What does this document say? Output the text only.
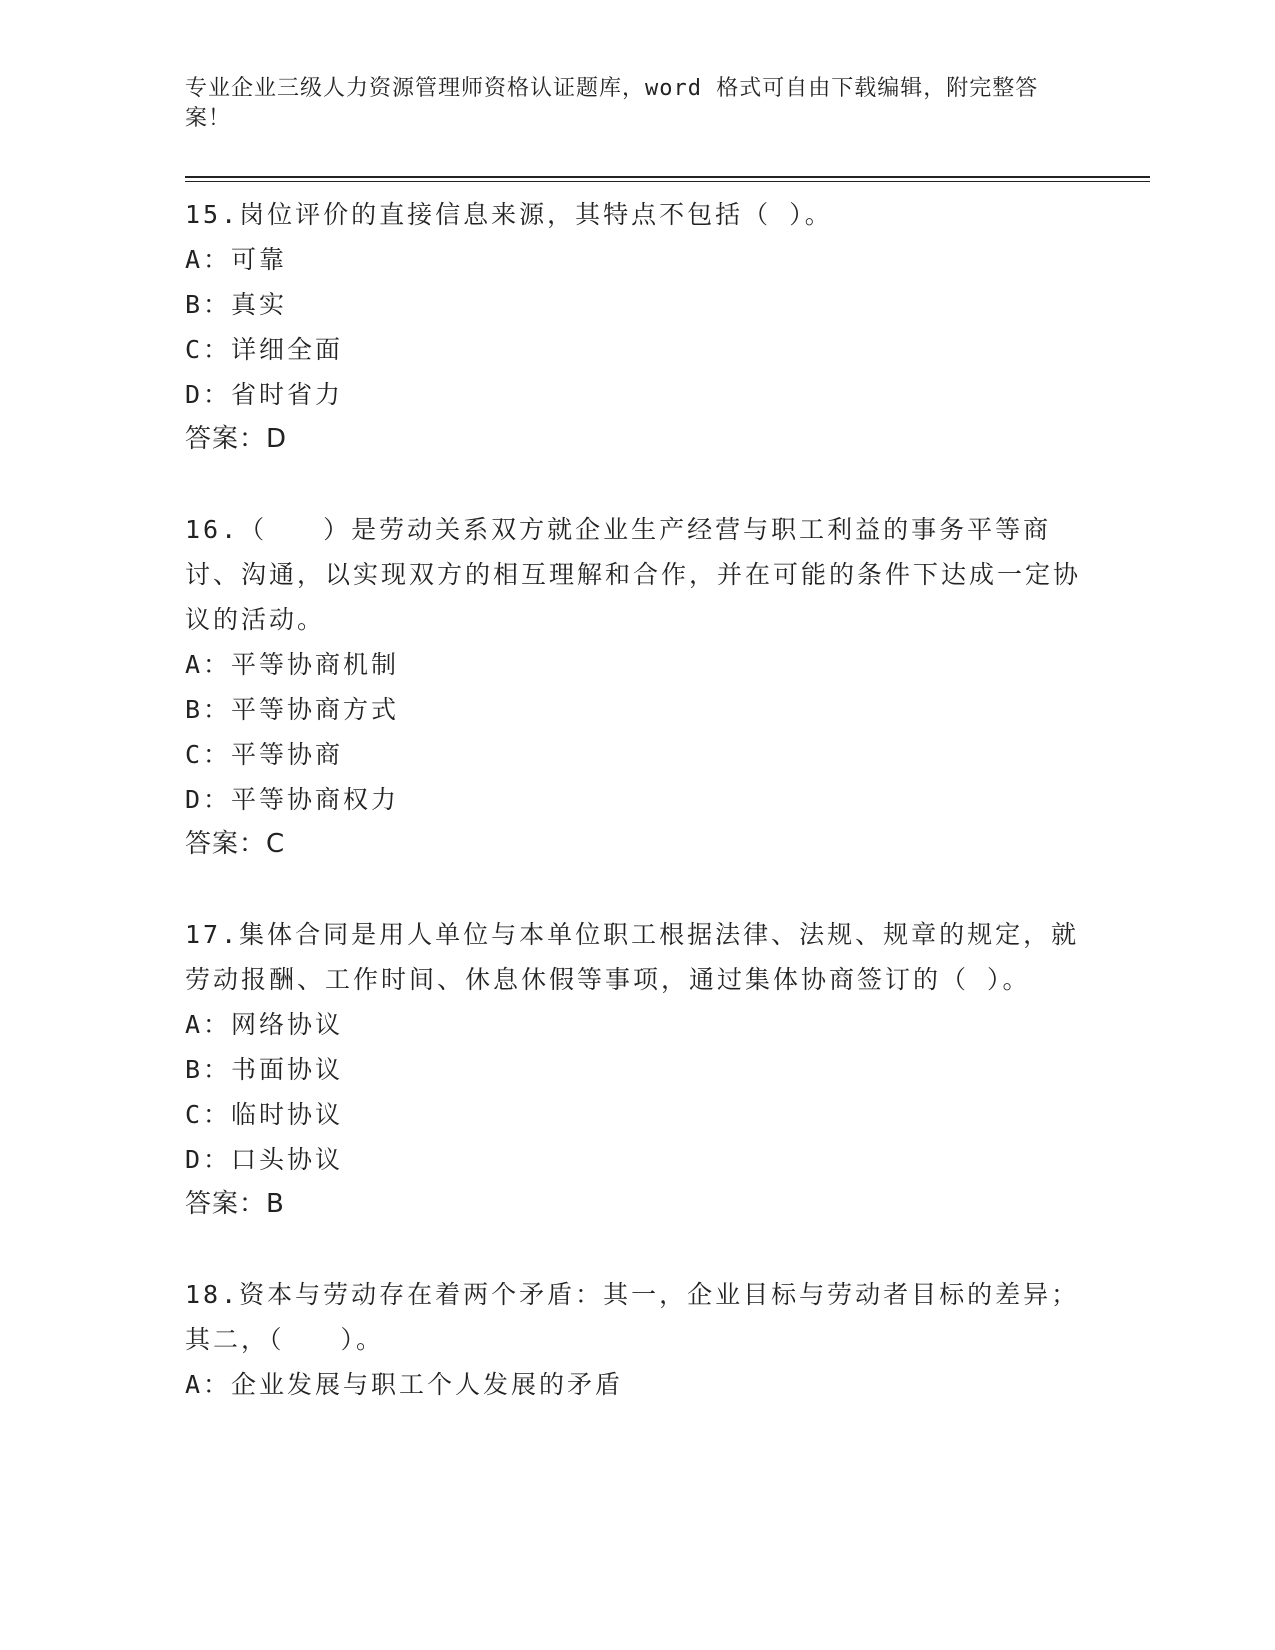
专业企业三级人力资源管理师资格认证题库，word 格式可自由下载编辑，附完整答案！

15.岗位评价的直接信息来源，其特点不包括（ ）。

A：可靠

B：真实

C：详细全面

D：省时省力

答案：D

16.（　　）是劳动关系双方就企业生产经营与职工利益的事务平等商讨、沟通，以实现双方的相互理解和合作，并在可能的条件下达成一定协议的活动。

A：平等协商机制

B：平等协商方式

C：平等协商

D：平等协商权力

答案：C

17.集体合同是用人单位与本单位职工根据法律、法规、规章的规定，就劳动报酬、工作时间、休息休假等事项，通过集体协商签订的（ ）。

A：网络协议

B：书面协议

C：临时协议

D：口头协议

答案：B

18.资本与劳动存在着两个矛盾：其一，企业目标与劳动者目标的差异；其二，（　　）。

A：企业发展与职工个人发展的矛盾
